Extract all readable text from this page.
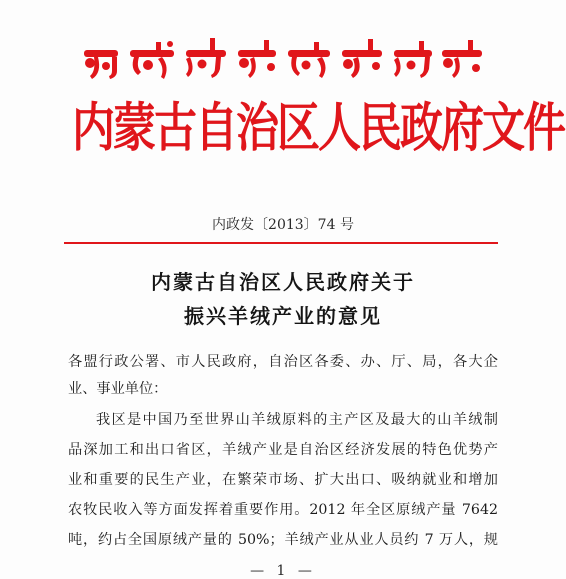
内蒙古自治区人民政府文件
内政发〔2013〕74 号
内蒙古自治区人民政府关于
振兴羊绒产业的意见
各盟行政公署、市人民政府，自治区各委、办、厅、局，各大企
业、事业单位：
我区是中国乃至世界山羊绒原料的主产区及最大的山羊绒制
品深加工和出口省区，羊绒产业是自治区经济发展的特色优势产
业和重要的民生产业，在繁荣市场、扩大出口、吸纳就业和增加
农牧民收入等方面发挥着重要作用。2012 年全区原绒产量 7642
吨，约占全国原绒产量的 50%；羊绒产业从业人员约 7 万人，规
— 1 —
